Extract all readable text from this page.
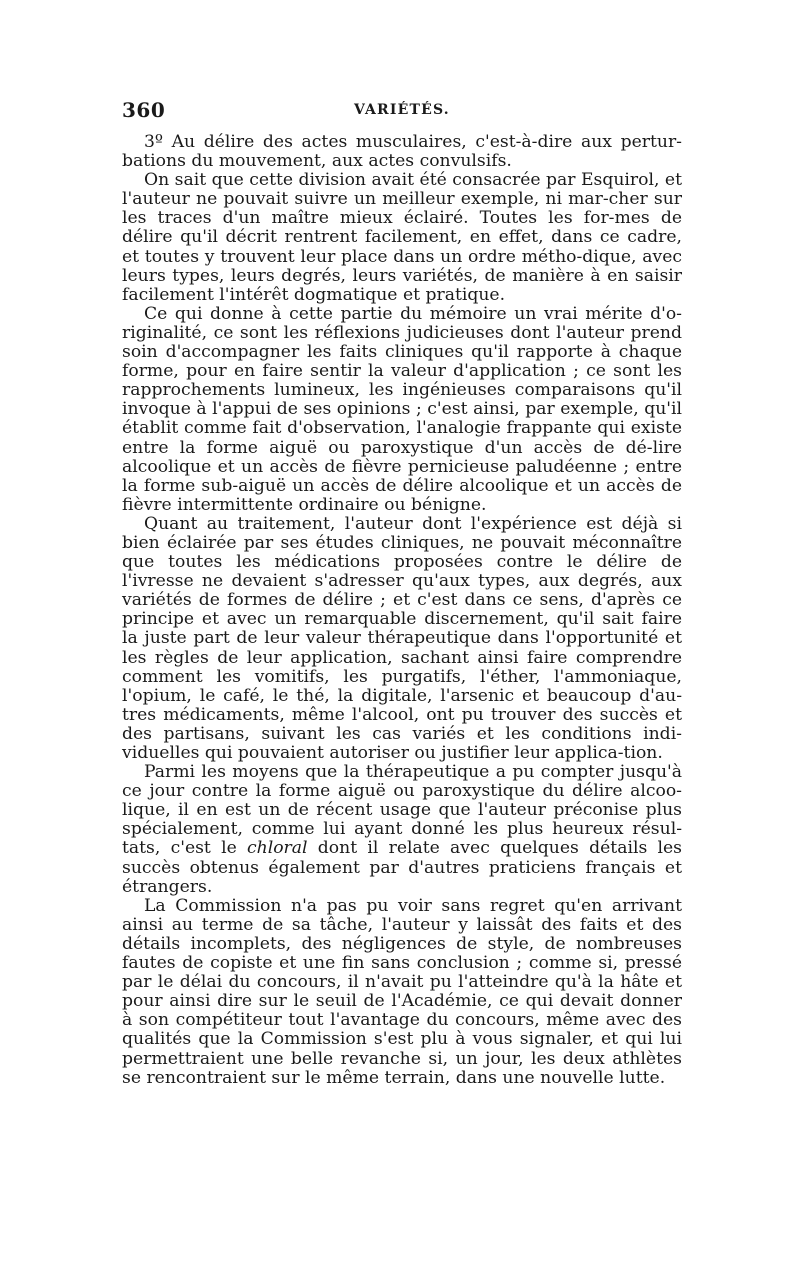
360	VARIÉTÉS.

3º Au délire des actes musculaires, c'est-à-dire aux pertur-bations du mouvement, aux actes convulsifs.

On sait que cette division avait été consacrée par Esquirol, et l'auteur ne pouvait suivre un meilleur exemple, ni mar-cher sur les traces d'un maître mieux éclairé. Toutes les for-mes de délire qu'il décrit rentrent facilement, en effet, dans ce cadre, et toutes y trouvent leur place dans un ordre métho-dique, avec leurs types, leurs degrés, leurs variétés, de manière à en saisir facilement l'intérêt dogmatique et pratique.

Ce qui donne à cette partie du mémoire un vrai mérite d'o-riginalité, ce sont les réflexions judicieuses dont l'auteur prend soin d'accompagner les faits cliniques qu'il rapporte à chaque forme, pour en faire sentir la valeur d'application ; ce sont les rapprochements lumineux, les ingénieuses comparaisons qu'il invoque à l'appui de ses opinions ; c'est ainsi, par exemple, qu'il établit comme fait d'observation, l'analogie frappante qui existe entre la forme aiguë ou paroxystique d'un accès de dé-lire alcoolique et un accès de fièvre pernicieuse paludéenne ; entre la forme sub-aiguë un accès de délire alcoolique et un accès de fièvre intermittente ordinaire ou bénigne.

Quant au traitement, l'auteur dont l'expérience est déjà si bien éclairée par ses études cliniques, ne pouvait méconnaître que toutes les médications proposées contre le délire de l'ivresse ne devaient s'adresser qu'aux types, aux degrés, aux variétés de formes de délire ; et c'est dans ce sens, d'après ce principe et avec un remarquable discernement, qu'il sait faire la juste part de leur valeur thérapeutique dans l'opportunité et les règles de leur application, sachant ainsi faire comprendre comment les vomitifs, les purgatifs, l'éther, l'ammoniaque, l'opium, le café, le thé, la digitale, l'arsenic et beaucoup d'au-tres médicaments, même l'alcool, ont pu trouver des succès et des partisans, suivant les cas variés et les conditions indi-viduelles qui pouvaient autoriser ou justifier leur applica-tion.

Parmi les moyens que la thérapeutique a pu compter jusqu'à ce jour contre la forme aiguë ou paroxystique du délire alcoo-lique, il en est un de récent usage que l'auteur préconise plus spécialement, comme lui ayant donné les plus heureux résul-tats, c'est le chloral dont il relate avec quelques détails les succès obtenus également par d'autres praticiens français et étrangers.

La Commission n'a pas pu voir sans regret qu'en arrivant ainsi au terme de sa tâche, l'auteur y laissât des faits et des détails incomplets, des négligences de style, de nombreuses fautes de copiste et une fin sans conclusion ; comme si, pressé par le délai du concours, il n'avait pu l'atteindre qu'à la hâte et pour ainsi dire sur le seuil de l'Académie, ce qui devait donner à son compétiteur tout l'avantage du concours, même avec des qualités que la Commission s'est plu à vous signaler, et qui lui permettraient une belle revanche si, un jour, les deux athlètes se rencontraient sur le même terrain, dans une nouvelle lutte.
